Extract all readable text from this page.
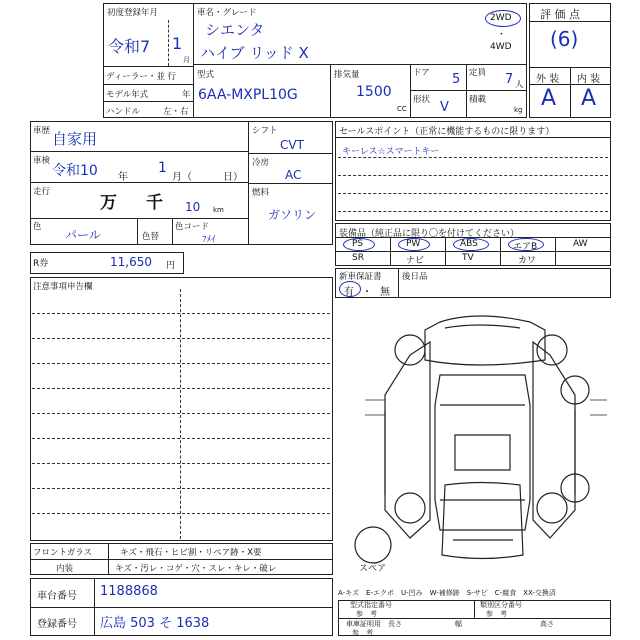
初度登録年月
令和7 1
月
ディーラー・並 行
モデル年式	年
ハンドル	左・右
車名・グレード
シエンタ
ハイブ リッド X
2WD
・
4WD
型式
6AA-MXPL10G
排気量
1500
CC
ドア 5
形状 V
定員 7 人
積載
kg
評 価 点
(6)
外 装 内 装
A A
車歴 自家用
車検
令和10 年
1
月（	日）
走行
万 千 10 km
色
パール	色替
色コード
ﾌﾒｲ
シフト
CVT
冷房
AC
燃料
ガソリン
セールスポイント（正常に機能するものに限ります）
キーレス☆スマートキー
装備品（純正品に限り〇を付けてください）
PS	PW	ABS	エアB	AW
SR	ナビ	TV	カワ
新車保証書
有 ・ 無
後日品
R券	11,650 円
注意事項申告欄
スペア
フロントガラス	キズ・飛石・ヒビ割・リペア跡・X要
内装	キズ・汚レ・コゲ・穴・スレ・キレ・破レ
車台番号 1188868
登録番号 広島 503 そ 1638
A-キズ　E-エクボ　U-凹み　W-補修跡　S-サビ　C-腐食　XX-交換済
型式指定番号
参　考
類別区分番号
参　考
車庫証明用
参　考
長さ	幅	高さ
